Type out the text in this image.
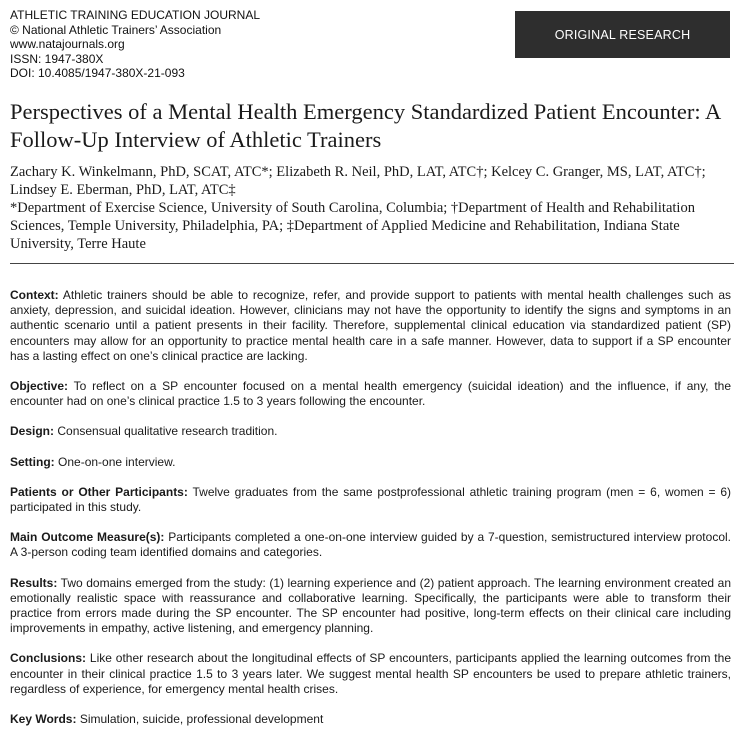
ATHLETIC TRAINING EDUCATION JOURNAL
© National Athletic Trainers’ Association
www.natajournals.org
ISSN: 1947-380X
DOI: 10.4085/1947-380X-21-093
ORIGINAL RESEARCH
Perspectives of a Mental Health Emergency Standardized Patient Encounter: A Follow-Up Interview of Athletic Trainers

Zachary K. Winkelmann, PhD, SCAT, ATC*; Elizabeth R. Neil, PhD, LAT, ATC†; Kelcey C. Granger, MS, LAT, ATC†; Lindsey E. Eberman, PhD, LAT, ATC‡

*Department of Exercise Science, University of South Carolina, Columbia; †Department of Health and Rehabilitation Sciences, Temple University, Philadelphia, PA; ‡Department of Applied Medicine and Rehabilitation, Indiana State University, Terre Haute

Context: Athletic trainers should be able to recognize, refer, and provide support to patients with mental health challenges such as anxiety, depression, and suicidal ideation. However, clinicians may not have the opportunity to identify the signs and symptoms in an authentic scenario until a patient presents in their facility. Therefore, supplemental clinical education via standardized patient (SP) encounters may allow for an opportunity to practice mental health care in a safe manner. However, data to support if a SP encounter has a lasting effect on one’s clinical practice are lacking.

Objective: To reflect on a SP encounter focused on a mental health emergency (suicidal ideation) and the influence, if any, the encounter had on one’s clinical practice 1.5 to 3 years following the encounter.

Design: Consensual qualitative research tradition.

Setting: One-on-one interview.

Patients or Other Participants: Twelve graduates from the same postprofessional athletic training program (men = 6, women = 6) participated in this study.

Main Outcome Measure(s): Participants completed a one-on-one interview guided by a 7-question, semistructured interview protocol. A 3-person coding team identified domains and categories.

Results: Two domains emerged from the study: (1) learning experience and (2) patient approach. The learning environment created an emotionally realistic space with reassurance and collaborative learning. Specifically, the participants were able to transform their practice from errors made during the SP encounter. The SP encounter had positive, long-term effects on their clinical care including improvements in empathy, active listening, and emergency planning.

Conclusions: Like other research about the longitudinal effects of SP encounters, participants applied the learning outcomes from the encounter in their clinical practice 1.5 to 3 years later. We suggest mental health SP encounters be used to prepare athletic trainers, regardless of experience, for emergency mental health crises.

Key Words: Simulation, suicide, professional development
